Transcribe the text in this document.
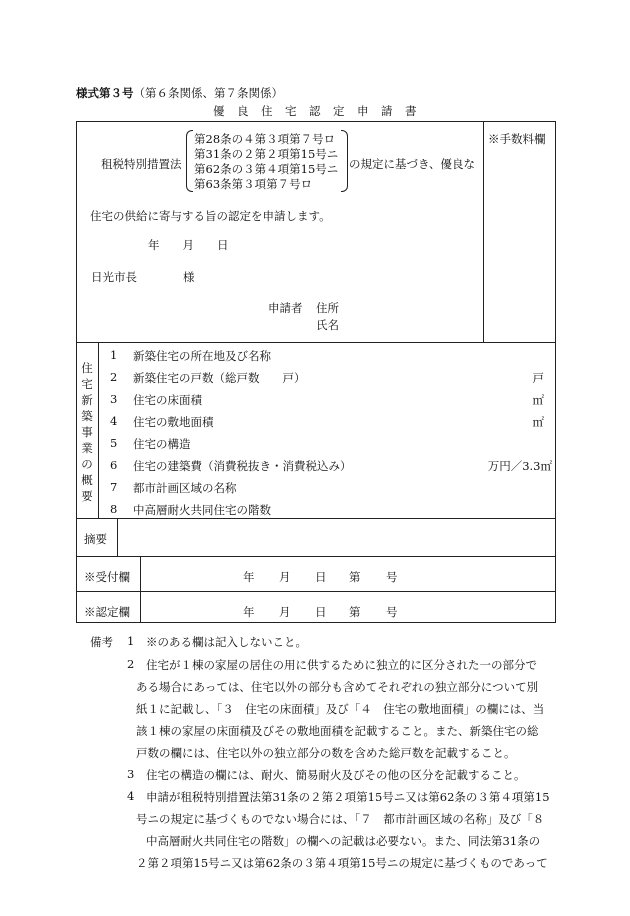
様式第３号（第６条関係、第７条関係）
優　良　住　宅　認　定　申　請　書
※手数料欄
租税特別措置法
第28条の４第３項第７号ロ
第31条の２第２項第15号ニ
第62条の３第４項第15号ニ
第63条第３項第７号ロ
の規定に基づき、優良な
住宅の供給に寄与する旨の認定を申請します。
年　　月　　日
日光市長	様
申請者 住所
氏名
住宅新築事業の概要
1 新築住宅の所在地及び名称
2 新築住宅の戸数（総戸数　　戸）	戸
3 住宅の床面積	㎡
4 住宅の敷地面積	㎡
5 住宅の構造
6 住宅の建築費（消費税抜き・消費税込み）	万円／3.3㎡
7 都市計画区域の名称
8 中高層耐火共同住宅の階数
摘要
※受付欄	年 月 日 第 号
※認定欄	年 月 日 第 号
備考 1 ※のある欄は記入しないこと。
2 住宅が１棟の家屋の居住の用に供するために独立的に区分された一の部分で
ある場合にあっては、住宅以外の部分も含めてそれぞれの独立部分について別
紙１に記載し、「３　住宅の床面積」及び「４　住宅の敷地面積」の欄には、当
該１棟の家屋の床面積及びその敷地面積を記載すること。また、新築住宅の総
戸数の欄には、住宅以外の独立部分の数を含めた総戸数を記載すること。
3 住宅の構造の欄には、耐火、簡易耐火及びその他の区分を記載すること。
4 申請が租税特別措置法第31条の２第２項第15号ニ又は第62条の３第４項第15
号ニの規定に基づくものでない場合には、「７　都市計画区域の名称」及び「８
中高層耐火共同住宅の階数」の欄への記載は必要ない。また、同法第31条の
２第２項第15号ニ又は第62条の３第４項第15号ニの規定に基づくものであって
